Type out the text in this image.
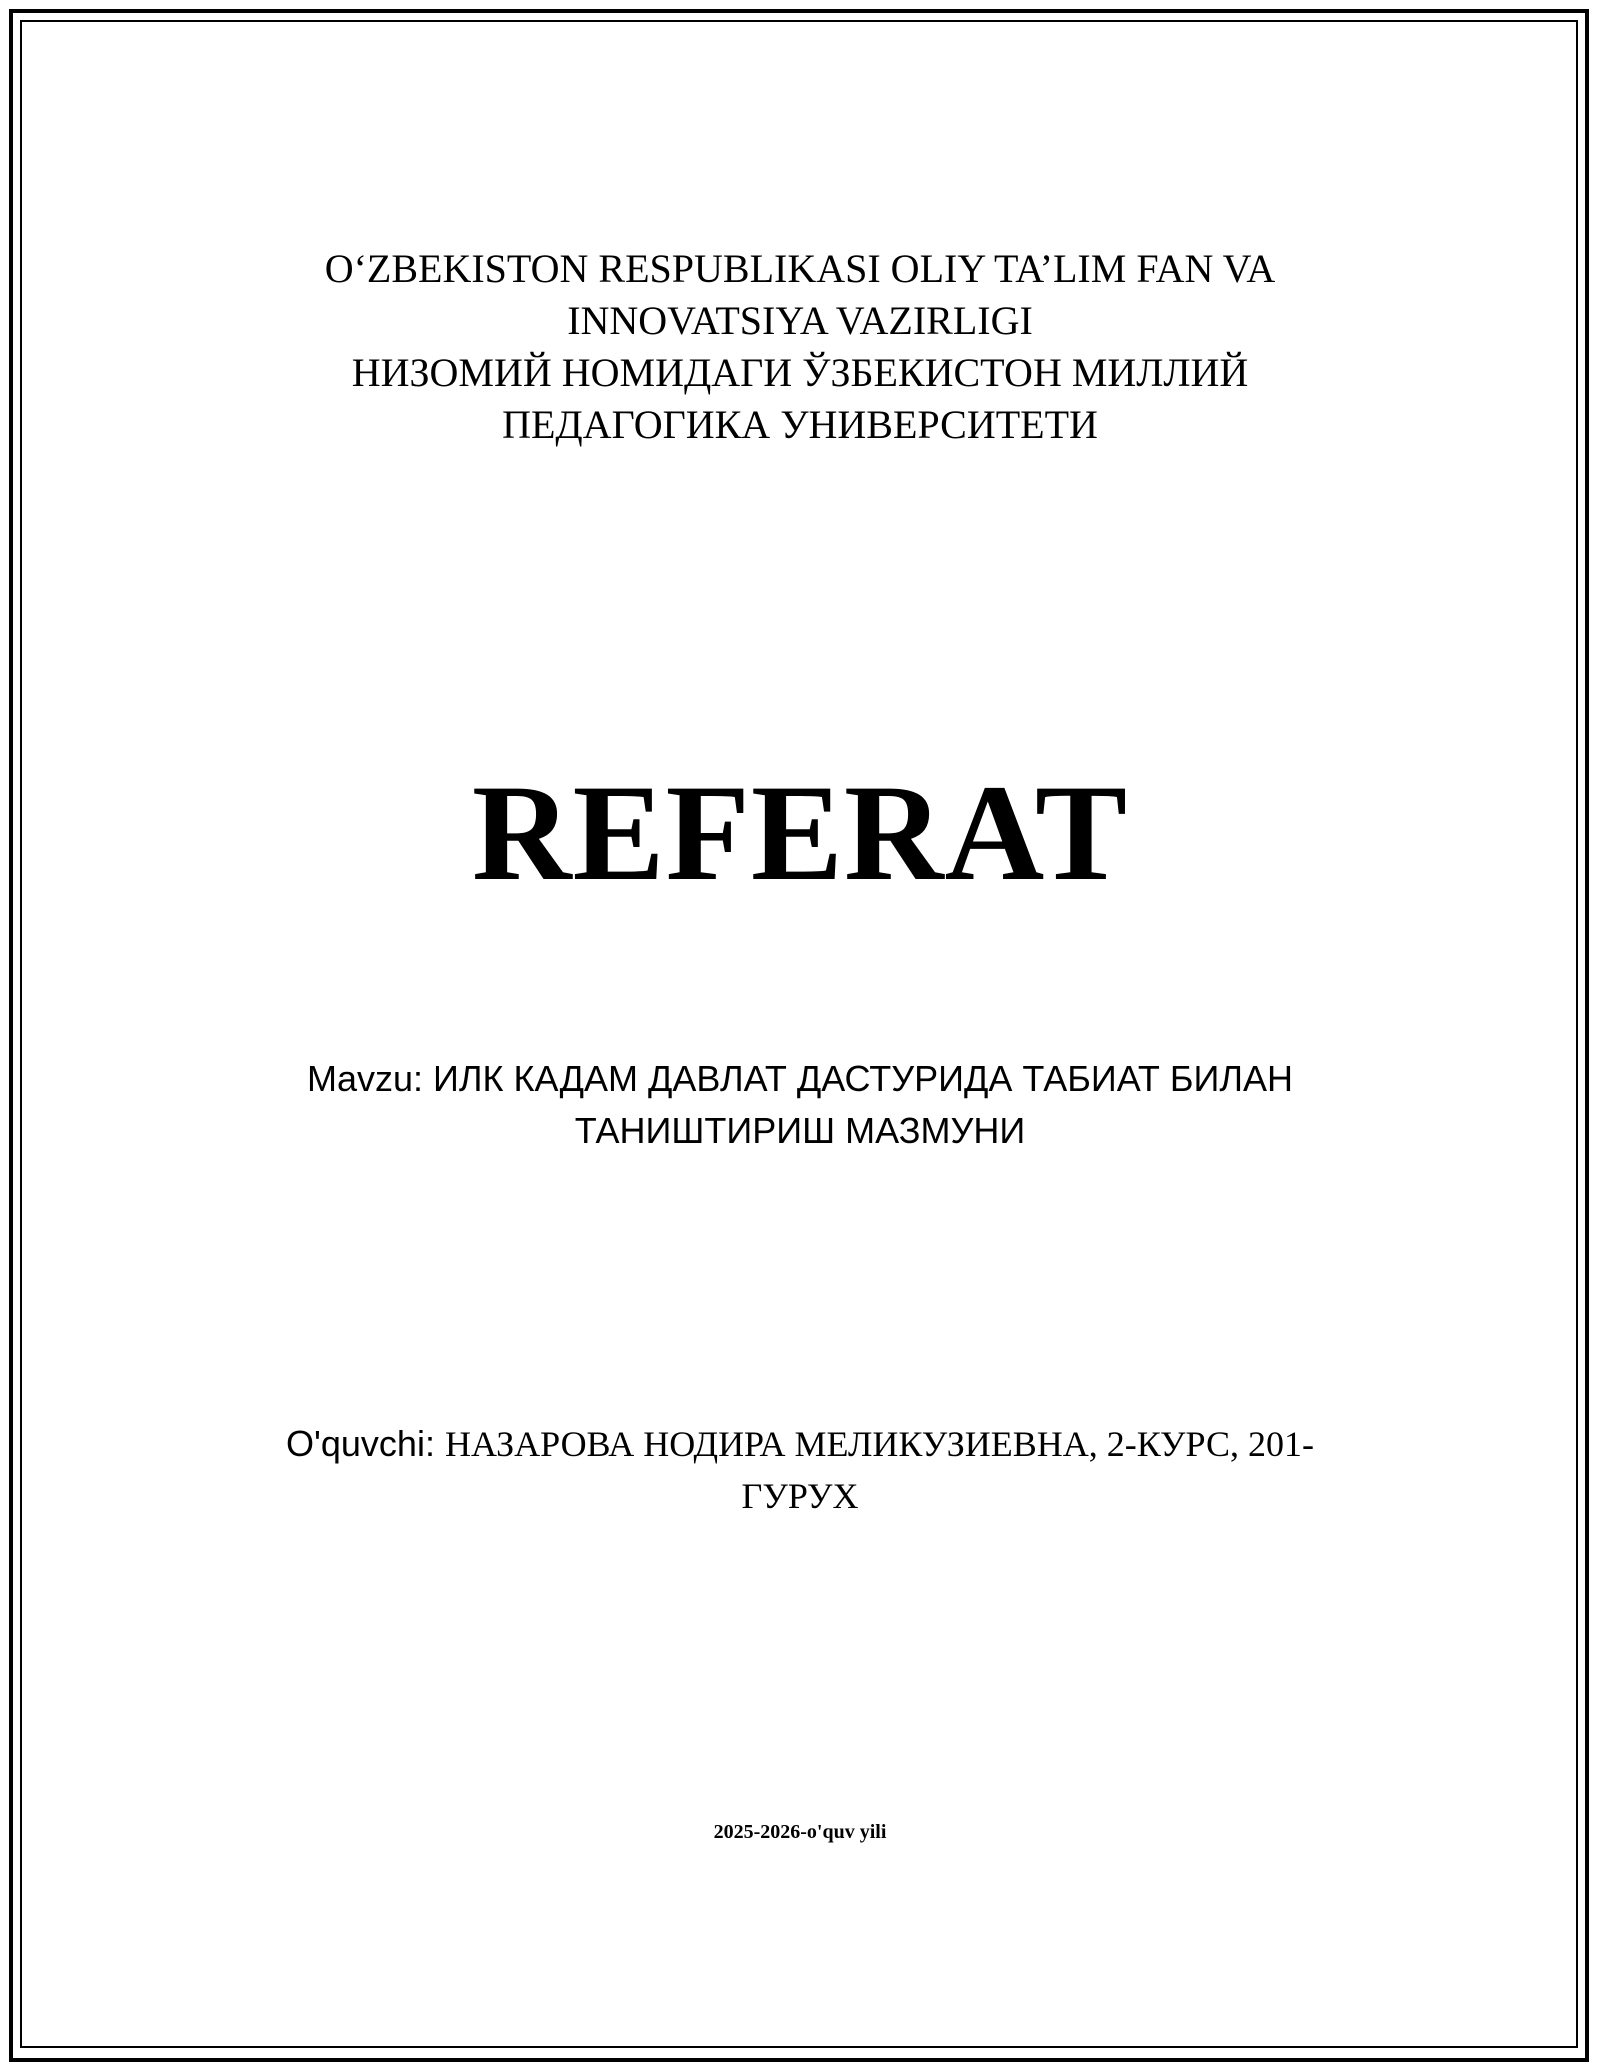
O‘ZBEKISTON RESPUBLIKASI OLIY TA’LIM FAN VA
INNOVATSIYA VAZIRLIGI
НИЗОМИЙ НОМИДАГИ ЎЗБЕКИСТОН МИЛЛИЙ
ПЕДАГОГИКА УНИВЕРСИТЕТИ
REFERAT
Mavzu: ИЛК КАДАМ ДАВЛАТ ДАСТУРИДА ТАБИАТ БИЛАН
ТАНИШТИРИШ МАЗМУНИ
O'quvchi: НАЗАРОВА НОДИРА МЕЛИКУЗИЕВНА, 2-КУРС, 201-
ГУРУХ
2025-2026-o'quv yili
